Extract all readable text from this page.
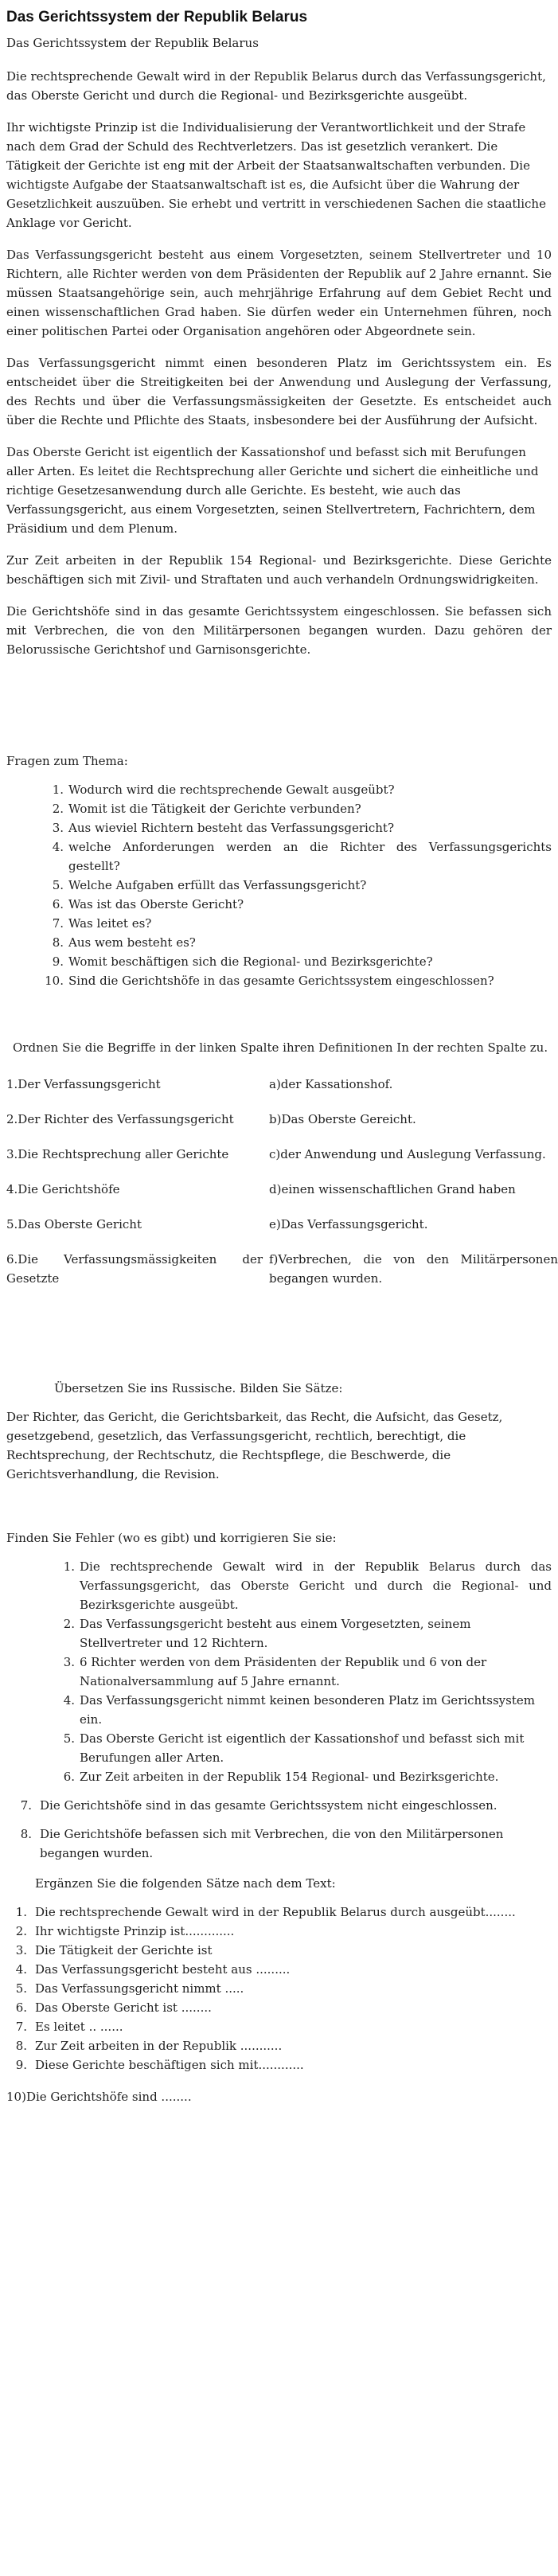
Das Gerichtssystem der Republik Belarus
Das Gerichtssystem der Republik Belarus

Die rechtsprechende Gewalt wird in der Republik Belarus durch das Verfassungsgericht, das Oberste Gericht und durch die Regional- und Bezirksgerichte ausgeübt.

Ihr wichtigste Prinzip ist die Individualisierung der Verantwortlichkeit und der Strafe nach dem Grad der Schuld des Rechtverletzers. Das ist gesetzlich verankert. Die Tätigkeit der Gerichte ist eng mit der Arbeit der Staatsanwaltschaften verbunden. Die wichtigste Aufgabe der Staatsanwaltschaft ist es, die Aufsicht über die Wahrung der Gesetzlichkeit auszuüben. Sie erhebt und vertritt in verschiedenen Sachen die staatliche Anklage vor Gericht.

Das Verfassungsgericht besteht aus einem Vorgesetzten, seinem Stellvertreter und 10 Richtern, alle Richter werden von dem Präsidenten der Republik auf 2 Jahre ernannt. Sie müssen Staatsangehörige sein, auch mehrjährige Erfahrung auf dem Gebiet Recht und einen wissenschaftlichen Grad haben. Sie dürfen weder ein Unternehmen führen, noch einer politischen Partei oder Organisation angehören oder Abgeordnete sein.

Das Verfassungsgericht nimmt einen besonderen Platz im Gerichtssystem ein. Es entscheidet über die Streitigkeiten bei der Anwendung und Auslegung der Verfassung, des Rechts und über die Verfassungsmässigkeiten der Gesetzte. Es entscheidet auch über die Rechte und Pflichte des Staats, insbesondere bei der Ausführung der Aufsicht.

Das Oberste Gericht ist eigentlich der Kassationshof und befasst sich mit Berufungen aller Arten. Es leitet die Rechtsprechung aller Gerichte und sichert die einheitliche und richtige Gesetzesanwendung durch alle Gerichte. Es besteht, wie auch das Verfassungsgericht, aus einem Vorgesetzten, seinen Stellvertretern, Fachrichtern, dem Präsidium und dem Plenum.

Zur Zeit arbeiten in der Republik 154 Regional- und Bezirksgerichte. Diese Gerichte beschäftigen sich mit Zivil- und Straftaten und auch verhandeln Ordnungswidrigkeiten.

Die Gerichtshöfe sind in das gesamte Gerichtssystem eingeschlossen. Sie befassen sich mit Verbrechen, die von den Militärpersonen begangen wurden. Dazu gehören der Belorussische Gerichtshof und Garnisonsgerichte.

Fragen zum Thema:
1. Wodurch wird die rechtsprechende Gewalt ausgeübt?
2. Womit ist die Tätigkeit der Gerichte verbunden?
3. Aus wieviel Richtern besteht das Verfassungsgericht?
4. welche Anforderungen werden an die Richter des Verfassungsgerichts gestellt?
5. Welche Aufgaben erfüllt das Verfassungsgericht?
6. Was ist das Oberste Gericht?
7. Was leitet es?
8. Aus wem besteht es?
9. Womit beschäftigen sich die Regional- und Bezirksgerichte?
10. Sind die Gerichtshöfe in das gesamte Gerichtssystem eingeschlossen?

Ordnen Sie die Begriffe in der linken Spalte ihren Definitionen In der rechten Spalte zu.

1.Der Verfassungsgericht	a)der Kassationshof.
2.Der Richter des Verfassungsgericht	b)Das Oberste Gereicht.
3.Die Rechtsprechung aller Gerichte	c)der Anwendung und Auslegung Verfassung.
4.Die Gerichtshöfe	d)einen wissenschaftlichen Grand haben
5.Das Oberste Gericht	e)Das Verfassungsgericht.
6.Die Verfassungsmässigkeiten der Gesetzte	f)Verbrechen, die von den Militärpersonen begangen wurden.
Übersetzen Sie ins Russische. Bilden Sie Sätze:

Der Richter, das Gericht, die Gerichtsbarkeit, das Recht, die Aufsicht, das Gesetz, gesetzgebend, gesetzlich, das Verfassungsgericht, rechtlich, berechtigt, die Rechtsprechung, der Rechtschutz, die Rechtspflege, die Beschwerde, die Gerichtsverhandlung, die Revision.

Finden Sie Fehler (wo es gibt) und korrigieren Sie sie:
1. Die rechtsprechende Gewalt wird in der Republik Belarus durch das Verfassungsgericht, das Oberste Gericht und durch die Regional- und Bezirksgerichte ausgeübt.
2. Das Verfassungsgericht besteht aus einem Vorgesetzten, seinem Stellvertreter und 12 Richtern.
3. 6 Richter werden von dem Präsidenten der Republik und 6 von der Nationalversammlung auf 5 Jahre ernannt.
4. Das Verfassungsgericht nimmt keinen besonderen Platz im Gerichtssystem ein.
5. Das Oberste Gericht ist eigentlich der Kassationshof und befasst sich mit Berufungen aller Arten.
6. Zur Zeit arbeiten in der Republik 154 Regional- und Bezirksgerichte.
7. Die Gerichtshöfe sind in das gesamte Gerichtssystem nicht eingeschlossen.
8. Die Gerichtshöfe befassen sich mit Verbrechen, die von den Militärpersonen begangen wurden.
Ergänzen Sie die folgenden Sätze nach dem Text:
1. Die rechtsprechende Gewalt wird in der Republik Belarus durch ausgeübt........
2. Ihr wichtigste Prinzip ist.............
3. Die Tätigkeit der Gerichte ist
4. Das Verfassungsgericht besteht aus .........
5. Das Verfassungsgericht nimmt .....
6. Das Oberste Gericht ist ........
7. Es leitet .. ......
8. Zur Zeit arbeiten in der Republik ...........
9. Diese Gerichte beschäftigen sich mit............
10)Die Gerichtshöfe sind ........
